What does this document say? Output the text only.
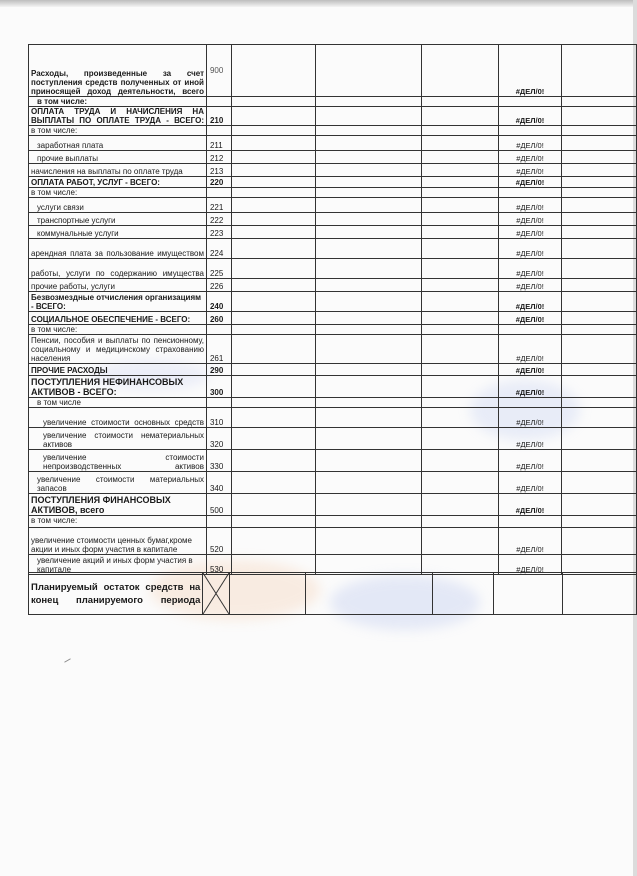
Расходы, произведенные за счет поступления средств полученных от иной приносящей доход деятельности, всего	900				#ДЕЛ/0!	
в том числе:						
ОПЛАТА ТРУДА И НАЧИСЛЕНИЯ НА ВЫПЛАТЫ ПО ОПЛАТЕ ТРУДА - ВСЕГО:	210				#ДЕЛ/0!	
в том числе:						
заработная плата	211				#ДЕЛ/0!	
прочие выплаты	212				#ДЕЛ/0!	
начисления на выплаты по оплате труда	213				#ДЕЛ/0!	
ОПЛАТА РАБОТ, УСЛУГ - ВСЕГО:	220				#ДЕЛ/0!	
в том числе:						
услуги связи	221				#ДЕЛ/0!	
транспортные услуги	222				#ДЕЛ/0!	
коммунальные услуги	223				#ДЕЛ/0!	
арендная плата за пользование имуществом	224				#ДЕЛ/0!	
работы, услуги по содержанию имущества	225				#ДЕЛ/0!	
прочие работы, услуги	226				#ДЕЛ/0!	
Безвозмездные отчисления организациям - ВСЕГО:	240				#ДЕЛ/0!	
СОЦИАЛЬНОЕ ОБЕСПЕЧЕНИЕ - ВСЕГО:	260				#ДЕЛ/0!	
в том числе:						
Пенсии, пособия и выплаты по пенсионному, социальному и медицинскому страхованию населения	261				#ДЕЛ/0!	
ПРОЧИЕ РАСХОДЫ	290				#ДЕЛ/0!	
ПОСТУПЛЕНИЯ НЕФИНАНСОВЫХ АКТИВОВ - ВСЕГО:	300				#ДЕЛ/0!	
в том числе						
увеличение стоимости основных средств	310				#ДЕЛ/0!	
увеличение стоимости нематериальных активов	320				#ДЕЛ/0!	
увеличение стоимости непроизводственных активов	330				#ДЕЛ/0!	
увеличение стоимости материальных запасов	340				#ДЕЛ/0!	
ПОСТУПЛЕНИЯ ФИНАНСОВЫХ АКТИВОВ, всего	500				#ДЕЛ/0!	
в том числе:						
увеличение стоимости ценных бумаг,кроме акции и иных форм участия в капитале	520				#ДЕЛ/0!	
увеличение акций и иных форм участия в капитале	530				#ДЕЛ/0!	
Планируемый остаток средств на конец планируемого периода	
